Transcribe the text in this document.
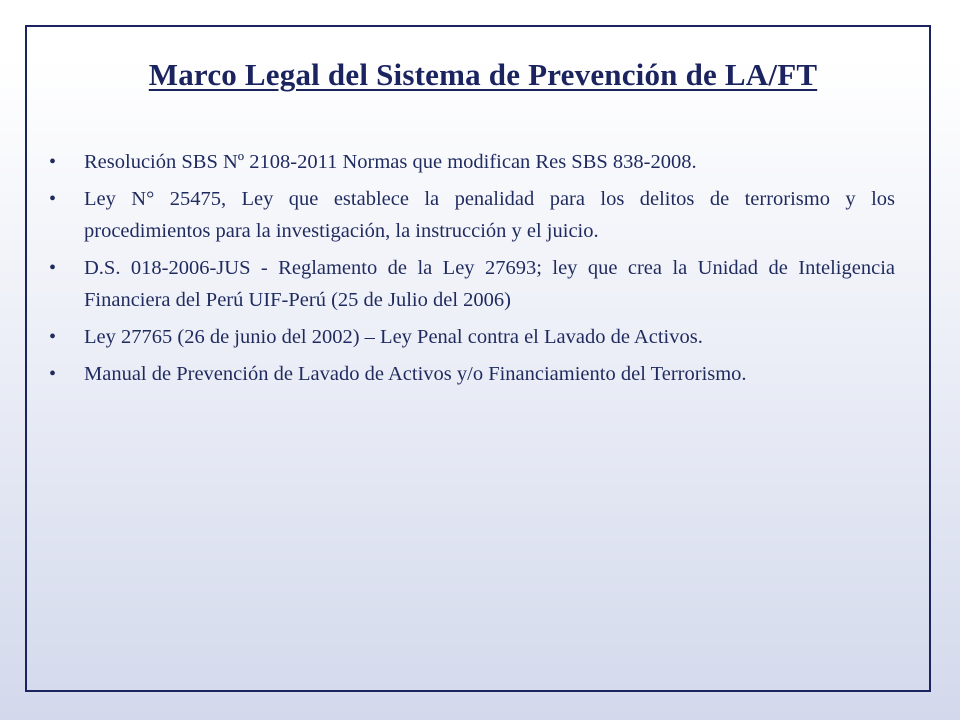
Marco Legal del Sistema de Prevención de LA/FT
•	Resolución SBS Nº 2108-2011 Normas que modifican Res SBS 838-2008.
•	Ley N° 25475, Ley que establece la penalidad para los delitos de terrorismo y los          procedimientos para la investigación, la instrucción y el juicio.
•	D.S. 018-2006-JUS - Reglamento de la Ley 27693; ley que crea la Unidad de Inteligencia Financiera del Perú UIF-Perú (25 de Julio del 2006)
•	Ley 27765 (26 de junio del 2002) – Ley Penal contra el Lavado de Activos.
•	Manual de Prevención de Lavado de Activos y/o Financiamiento del Terrorismo.
